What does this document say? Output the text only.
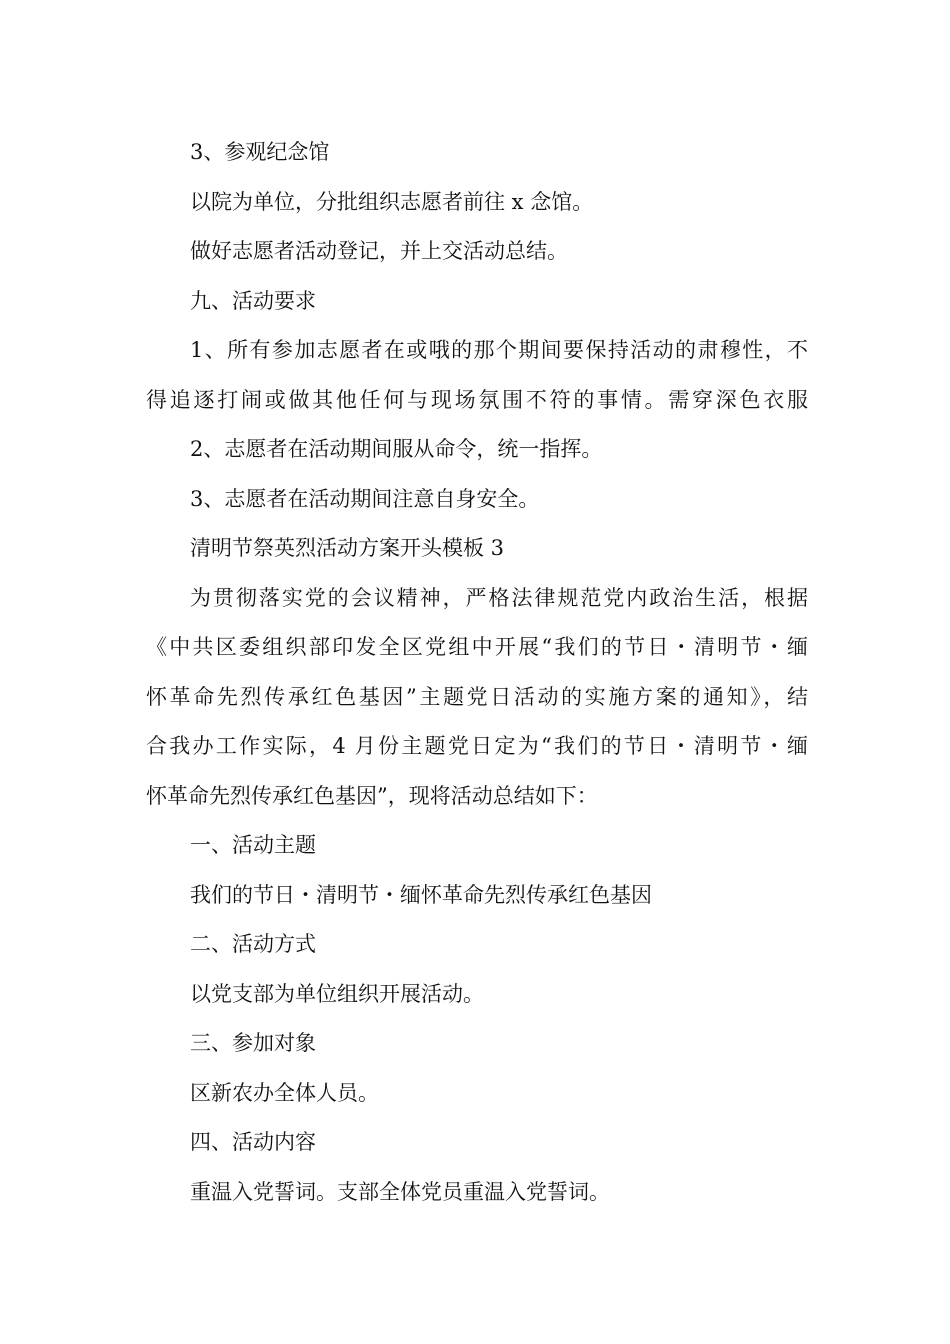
3、参观纪念馆
以院为单位，分批组织志愿者前往 x 念馆。
做好志愿者活动登记，并上交活动总结。
九、活动要求
1、所有参加志愿者在或哦的那个期间要保持活动的肃穆性，不
得追逐打闹或做其他任何与现场氛围不符的事情。需穿深色衣服
2、志愿者在活动期间服从命令，统一指挥。
3、志愿者在活动期间注意自身安全。
清明节祭英烈活动方案开头模板 3
为贯彻落实党的会议精神，严格法律规范党内政治生活，根据
《中共区委组织部印发全区党组中开展“我们的节日・清明节・缅
怀革命先烈传承红色基因”主题党日活动的实施方案的通知》，结
合我办工作实际，4 月份主题党日定为“我们的节日・清明节・缅
怀革命先烈传承红色基因”，现将活动总结如下：
一、活动主题
我们的节日・清明节・缅怀革命先烈传承红色基因
二、活动方式
以党支部为单位组织开展活动。
三、参加对象
区新农办全体人员。
四、活动内容
重温入党誓词。支部全体党员重温入党誓词。
